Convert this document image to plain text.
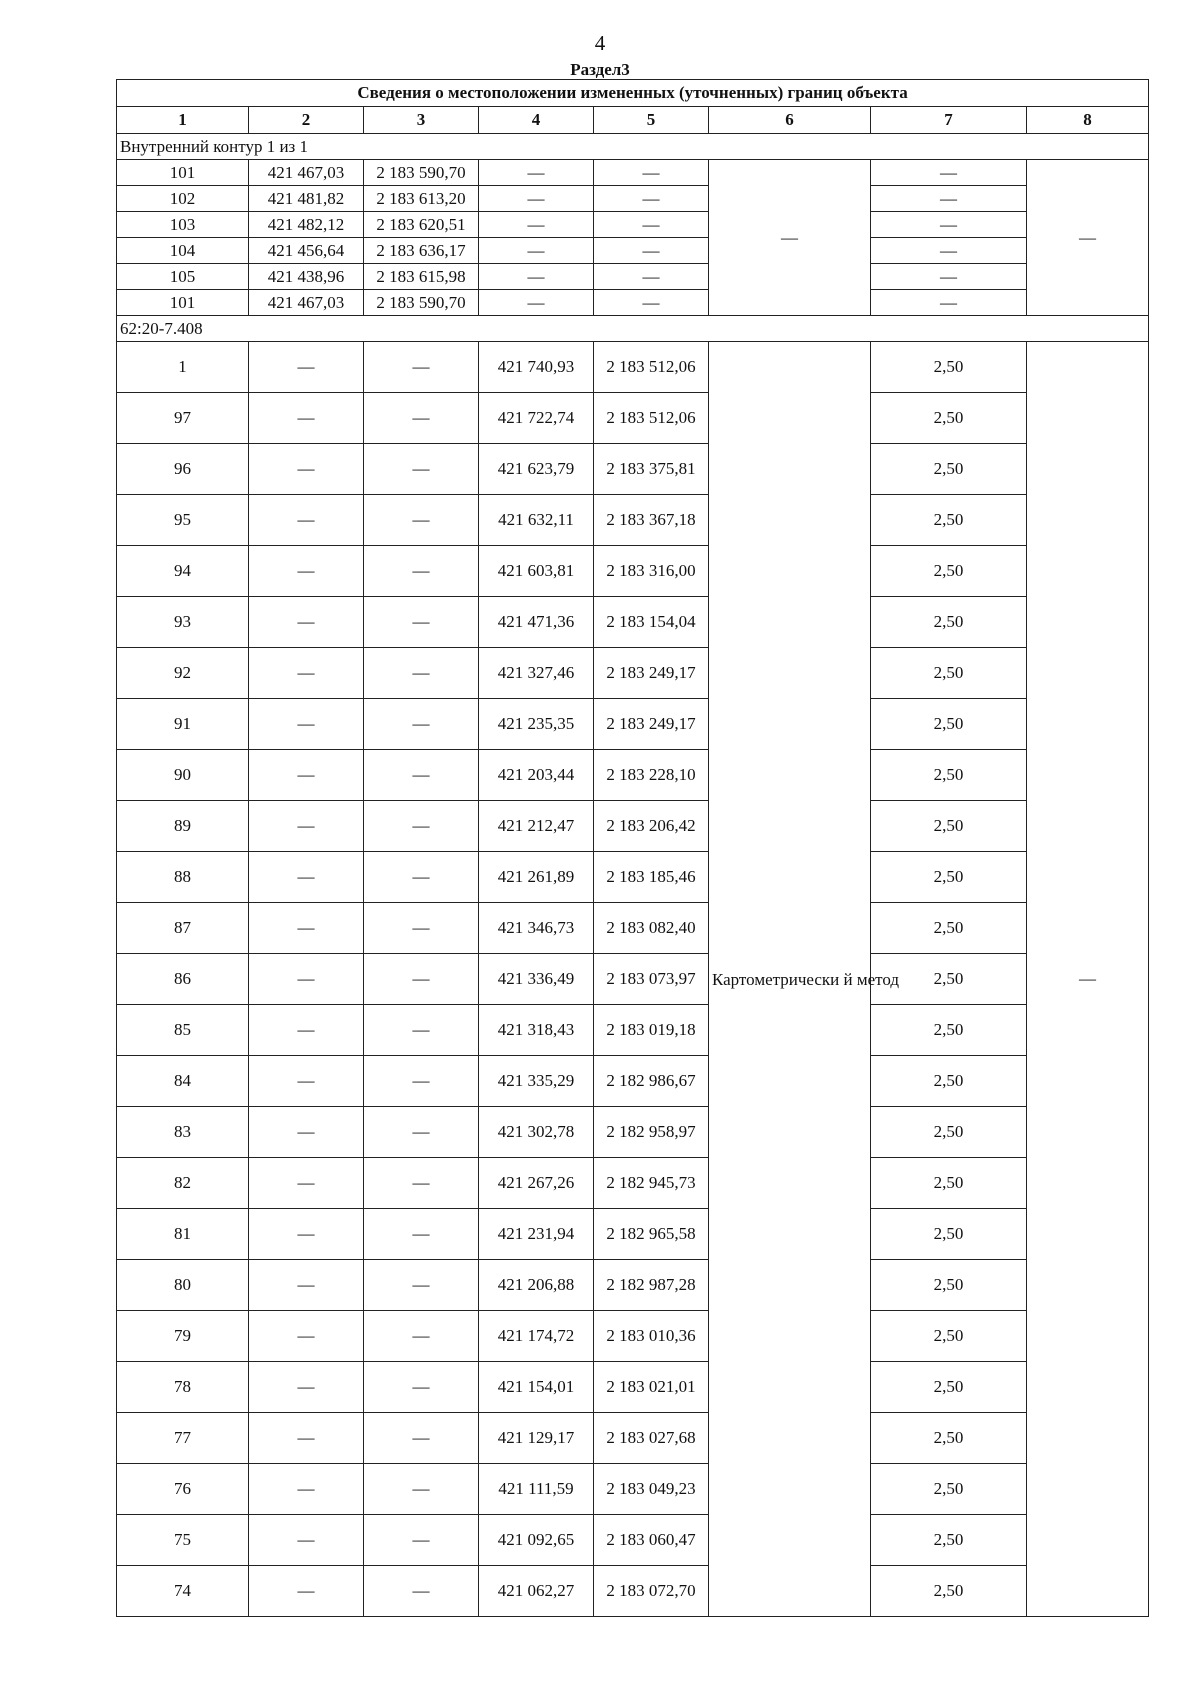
4
Раздел3
Сведения о местоположении измененных (уточненных) границ объекта							
1	2	3	4	5	6	7	8
Внутренний контур 1 из 1							
101	421 467,03	2 183 590,70	—	—	—	—	—
102	421 481,82	2 183 613,20	—	—		—	
103	421 482,12	2 183 620,51	—	—		—	
104	421 456,64	2 183 636,17	—	—		—	
105	421 438,96	2 183 615,98	—	—		—	
101	421 467,03	2 183 590,70	—	—		—	
62:20-7.408							
1	—	—	421 740,93	2 183 512,06	Картометрически й метод	2,50	—
97	—	—	421 722,74	2 183 512,06		2,50	
96	—	—	421 623,79	2 183 375,81		2,50	
95	—	—	421 632,11	2 183 367,18		2,50	
94	—	—	421 603,81	2 183 316,00		2,50	
93	—	—	421 471,36	2 183 154,04		2,50	
92	—	—	421 327,46	2 183 249,17		2,50	
91	—	—	421 235,35	2 183 249,17		2,50	
90	—	—	421 203,44	2 183 228,10		2,50	
89	—	—	421 212,47	2 183 206,42		2,50	
88	—	—	421 261,89	2 183 185,46		2,50	
87	—	—	421 346,73	2 183 082,40		2,50	
86	—	—	421 336,49	2 183 073,97		2,50	
85	—	—	421 318,43	2 183 019,18		2,50	
84	—	—	421 335,29	2 182 986,67		2,50	
83	—	—	421 302,78	2 182 958,97		2,50	
82	—	—	421 267,26	2 182 945,73		2,50	
81	—	—	421 231,94	2 182 965,58		2,50	
80	—	—	421 206,88	2 182 987,28		2,50	
79	—	—	421 174,72	2 183 010,36		2,50	
78	—	—	421 154,01	2 183 021,01		2,50	
77	—	—	421 129,17	2 183 027,68		2,50	
76	—	—	421 111,59	2 183 049,23		2,50	
75	—	—	421 092,65	2 183 060,47		2,50	
74	—	—	421 062,27	2 183 072,70		2,50	
